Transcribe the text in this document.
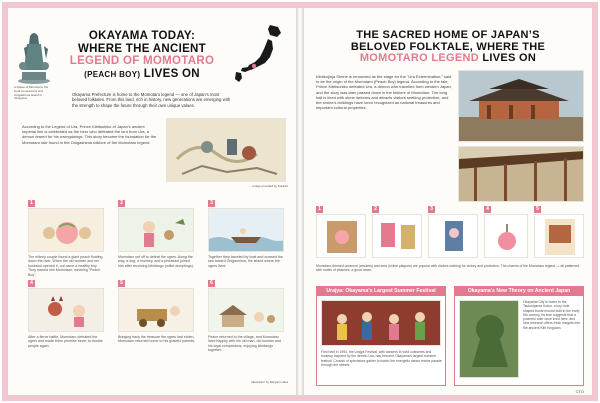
A statue of Momotaro, his loyal companions and Onigashima Island in Okayama.
OKAYAMA TODAY:
WHERE THE ANCIENT
LEGEND OF MOMOTARO
(PEACH BOY) LIVES ON
Okayama Prefecture is home to the Momotaro legend — one of Japan’s most beloved folktales. From this land, rich in history, new generations are emerging with the strength to shape the future through their own unique values.
According to the Legend of Ura, Prince Kibitsuhiko of Japan's ancient imperial line is celebrated as the hero who defeated the lord from Ura, a demon feared for his wrongdoings. This story became the foundation for the Momotaro tale found in the Onigashima folklore of the Momotaro legend.
Image provided by Kurashi
1
The elderly couple found a giant peach floating down the river. When the old woman and her husband opened it, out came a healthy boy. They named him Momotaro, meaning "Peach Boy".
2
Momotaro set off to defeat the ogres. Along the way, a dog, a monkey, and a pheasant joined him after receiving kibidango (millet dumplings).
3
Together they traveled by boat and crossed the sea toward Onigashima, the island where the ogres lived.
4
After a fierce battle, Momotaro defeated the ogres and made them promise never to trouble people again.
5
Bringing back the treasure the ogres had stolen, Momotaro returned home to his grateful parents.
6
Peace returned to the village, and Momotaro lived happily with his old man, old woman and his loyal companions, enjoying kibidango together.
Illustration by Maryam Hara
THE SACRED HOME OF JAPAN’S
BELOVED FOLKTALE, WHERE THE
MOMOTARO LEGEND LIVES ON
Kibitsujinja Shrine is renowned as the stage for the "Ura Extermination," said to be the origin of the Momotaro (Peach Boy) legend. According to the tale, Prince Kibitsuhiko defeated Ura, a demon who travelled from western Japan, and the story was later passed down in the folklore of Momotaro. The long hall is lined with stone lanterns and attracts visitors seeking protection, and the shrine's buildings have been recognized as national treasures and important cultural properties.
1	2	3	4	5
Momotaro-themed omamori (amulets) and ema (votive plaques) are popular with visitors wishing for victory and protection. The charms of the Momotaro legend — all patterned with motifs of peaches, a good omen.
Urajya: Okayama's Largest Summer Festival
First held in 1994, the Urajya Festival, with dancers in vivid costumes and makeup inspired by the demon Ura, has become Okayama's largest summer festival. Crowds of spectators gather to watch the energetic dance teams parade through the streets.
Okayama's New Theory on Ancient Japan
Okayama City is home to the Tsukuriyama Kofun, a key-hole shaped burial mound built in the early 5th century. Its size suggests that a powerful ruler once lived here, and new research offers fresh insights into the ancient Kibi Kingdom.
CTO
